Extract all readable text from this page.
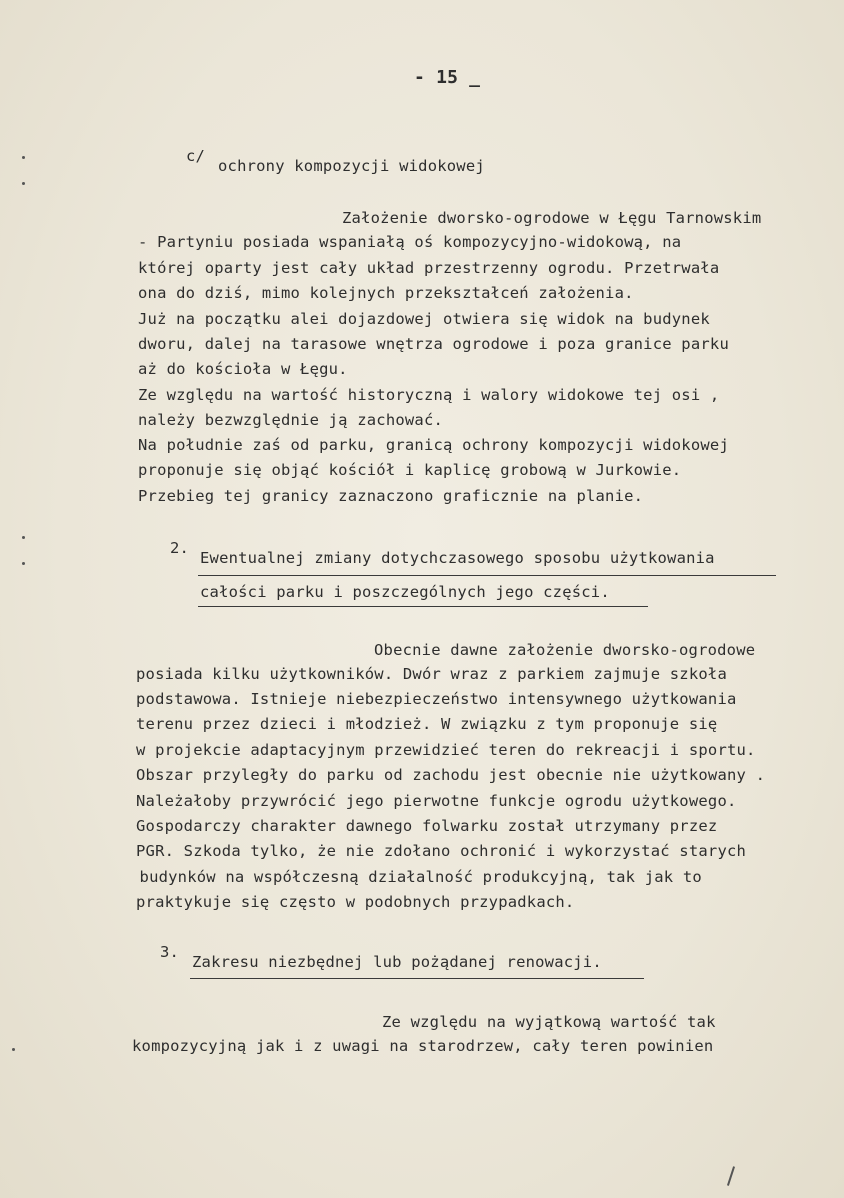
- 15 _
c/
ochrony kompozycji widokowej
Założenie dworsko-ogrodowe w Łęgu Tarnowskim
- Partyniu posiada wspaniałą oś kompozycyjno-widokową, na
której oparty jest cały układ przestrzenny ogrodu. Przetrwała
ona do dziś, mimo kolejnych przekształceń założenia.
Już na początku alei dojazdowej otwiera się widok na budynek
dworu, dalej na tarasowe wnętrza ogrodowe i poza granice parku
aż do kościoła w Łęgu.
Ze względu na wartość historyczną i walory widokowe tej osi ,
należy bezwzględnie ją zachować.
Na południe zaś od parku, granicą ochrony kompozycji widokowej
proponuje się objąć kościół i kaplicę grobową w Jurkowie.
Przebieg tej granicy zaznaczono graficznie na planie.
2.
Ewentualnej zmiany dotychczasowego sposobu użytkowania
całości parku i poszczególnych jego części.
Obecnie dawne założenie dworsko-ogrodowe
posiada kilku użytkowników. Dwór wraz z parkiem zajmuje szkoła
podstawowa. Istnieje niebezpieczeństwo intensywnego użytkowania
terenu przez dzieci i młodzież. W związku z tym proponuje się
w projekcie adaptacyjnym przewidzieć teren do rekreacji i sportu.
Obszar przyległy do parku od zachodu jest obecnie nie użytkowany .
Należałoby przywrócić jego pierwotne funkcje ogrodu użytkowego.
Gospodarczy charakter dawnego folwarku został utrzymany przez
PGR. Szkoda tylko, że nie zdołano ochronić i wykorzystać starych
budynków na współczesną działalność produkcyjną, tak jak to
praktykuje się często w podobnych przypadkach.
3.
Zakresu niezbędnej lub pożądanej renowacji.
Ze względu na wyjątkową wartość tak
kompozycyjną jak i z uwagi na starodrzew, cały teren powinien
